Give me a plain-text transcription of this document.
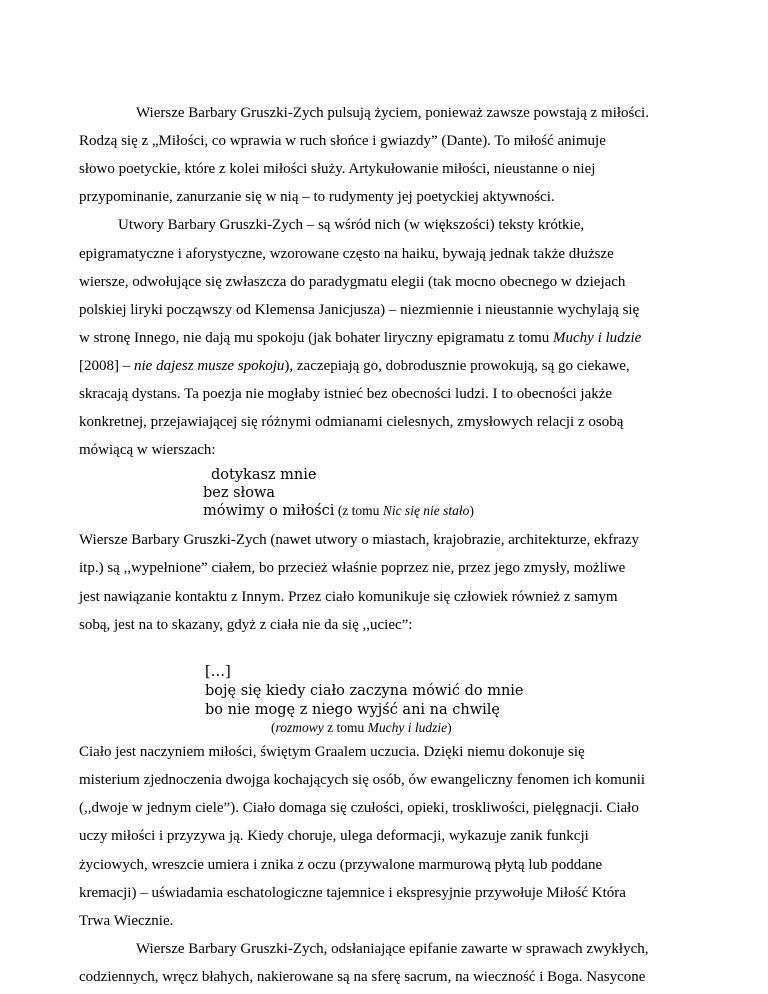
Wiersze Barbary Gruszki-Zych pulsują życiem, ponieważ zawsze powstają z miłości.
Rodzą się z „Miłości, co wprawia w ruch słońce i gwiazdy” (Dante). To miłość animuje
słowo poetyckie, które z kolei miłości służy. Artykułowanie miłości, nieustanne o niej
przypominanie, zanurzanie się w nią – to rudymenty jej poetyckiej aktywności.
Utwory Barbary Gruszki-Zych – są wśród nich (w większości) teksty krótkie,
epigramatyczne i aforystyczne, wzorowane często na haiku, bywają jednak także dłuższe
wiersze, odwołujące się zwłaszcza do paradygmatu elegii (tak mocno obecnego w dziejach
polskiej liryki począwszy od Klemensa Janicjusza) – niezmiennie i nieustannie wychylają się
w stronę Innego, nie dają mu spokoju (jak bohater liryczny epigramatu z tomu Muchy i ludzie
[2008] – nie dajesz musze spokoju), zaczepiają go, dobrodusznie prowokują, są go ciekawe,
skracają dystans. Ta poezja nie mogłaby istnieć bez obecności ludzi. I to obecności jakże
konkretnej, przejawiającej się różnymi odmianami cielesnych, zmysłowych relacji z osobą
mówiącą w wierszach:
dotykasz mnie
bez słowa
mówimy o miłości (z tomu Nic się nie stało)
Wiersze Barbary Gruszki-Zych (nawet utwory o miastach, krajobrazie, architekturze, ekfrazy
itp.) są ,,wypełnione” ciałem, bo przecież właśnie poprzez nie, przez jego zmysły, możliwe
jest nawiązanie kontaktu z Innym. Przez ciało komunikuje się człowiek również z samym
sobą, jest na to skazany, gdyż z ciała nie da się ,,uciec”:
[…]
boję się kiedy ciało zaczyna mówić do mnie
bo nie mogę z niego wyjść ani na chwilę
(rozmowy z tomu Muchy i ludzie)
Ciało jest naczyniem miłości, świętym Graalem uczucia. Dzięki niemu dokonuje się
misterium zjednoczenia dwojga kochających się osób, ów ewangeliczny fenomen ich komunii
(,,dwoje w jednym ciele”). Ciało domaga się czułości, opieki, troskliwości, pielęgnacji. Ciało
uczy miłości i przyzywa ją. Kiedy choruje, ulega deformacji, wykazuje zanik funkcji
życiowych, wreszcie umiera i znika z oczu (przywalone marmurową płytą lub poddane
kremacji) – uświadamia eschatologiczne tajemnice i ekspresyjnie przywołuje Miłość Która
Trwa Wiecznie.
Wiersze Barbary Gruszki-Zych, odsłaniające epifanie zawarte w sprawach zwykłych,
codziennych, wręcz błahych, nakierowane są na sferę sacrum, na wieczność i Boga. Nasycone
